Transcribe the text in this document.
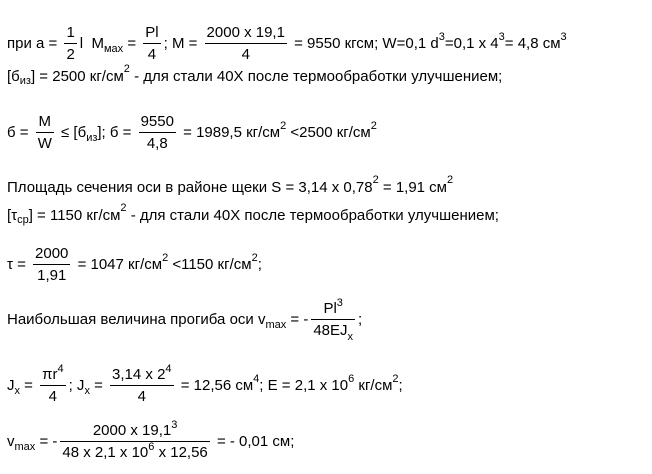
при $а = \frac{1}{2}$ l  $М_{мах} = \frac{Pl}{4}$ ; $М = \frac{2000 х 19,1}{4} = 9550$ кгсм; W=0,1 $d^3 =0,1$ х $4^3 = 4,8$ $см^3$
[$б_{из}$ ] = 2500 $кг/см^2$ - для стали 40Х после термообработки улучшением;
$б = \frac{M}{W} \le [б_{из}$ ]; $б = \frac{9550}{4,8} = 1989,5$ $кг/см^2 <2500$ $кг/см^2$
Площадь сечения оси в районе щеки S = 3,14 х $0,78^2 = 1,91$ $см^2$
[$\tau_{ср}$ ] = 1150 $кг/см^2$ - для стали 40Х после термообработки улучшением;
$\tau = \frac{2000}{1,91} = 1047$ $кг/см^2 <1150$ $кг/см^2$ ;
Наибольшая величина прогиба оси $v_{max}$ = - $\frac{Pl^3}{48EJ_x}$ ;
$J_x = \frac{\pi r^4}{4}$ ; $J_x = \frac{3,14 х 2^4}{4} = 12,56$ $см^4$ ; Е = 2,1 х $10^6$ $кг/см^2$ ;
$v_{max}$ = - $\frac{2000 х 19,1^3}{48 х 2,1 х 10^6 х 12,56}$ = - 0,01 см;
